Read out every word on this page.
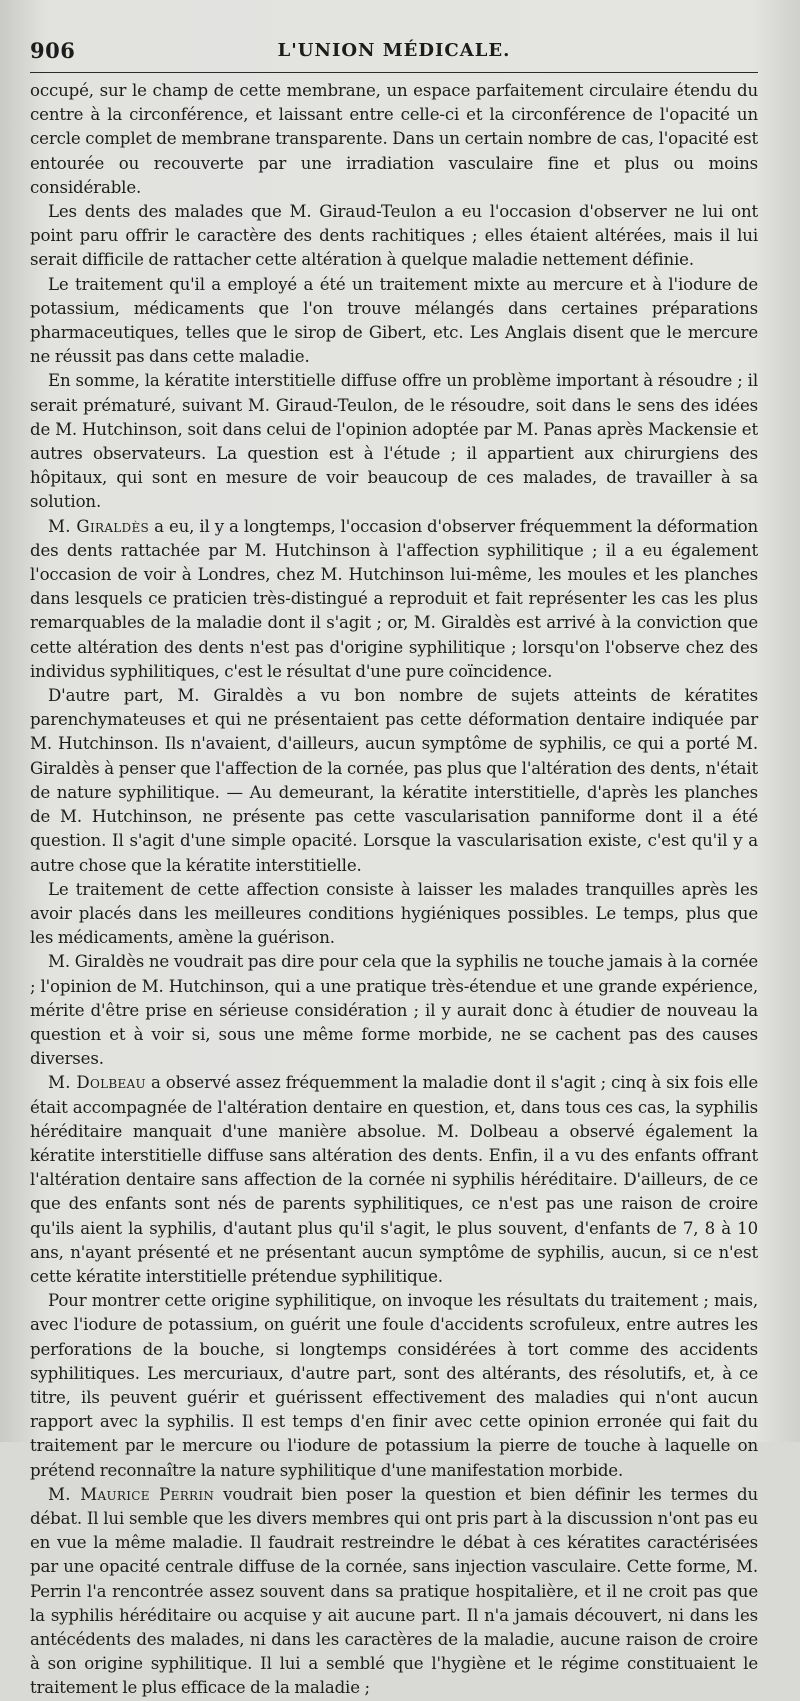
906	L'UNION MÉDICALE.

occupé, sur le champ de cette membrane, un espace parfaitement circulaire étendu du centre à la circonférence, et laissant entre celle-ci et la circonférence de l'opacité un cercle complet de membrane transparente. Dans un certain nombre de cas, l'opacité est entourée ou recouverte par une irradiation vasculaire fine et plus ou moins considérable.

Les dents des malades que M. Giraud-Teulon a eu l'occasion d'observer ne lui ont point paru offrir le caractère des dents rachitiques ; elles étaient altérées, mais il lui serait difficile de rattacher cette altération à quelque maladie nettement définie.

Le traitement qu'il a employé a été un traitement mixte au mercure et à l'iodure de potassium, médicaments que l'on trouve mélangés dans certaines préparations pharmaceutiques, telles que le sirop de Gibert, etc. Les Anglais disent que le mercure ne réussit pas dans cette maladie.

En somme, la kératite interstitielle diffuse offre un problème important à résoudre ; il serait prématuré, suivant M. Giraud-Teulon, de le résoudre, soit dans le sens des idées de M. Hutchinson, soit dans celui de l'opinion adoptée par M. Panas après Mackensie et autres observateurs. La question est à l'étude ; il appartient aux chirurgiens des hôpitaux, qui sont en mesure de voir beaucoup de ces malades, de travailler à sa solution.

M. Giraldès a eu, il y a longtemps, l'occasion d'observer fréquemment la déformation des dents rattachée par M. Hutchinson à l'affection syphilitique ; il a eu également l'occasion de voir à Londres, chez M. Hutchinson lui-même, les moules et les planches dans lesquels ce praticien très-distingué a reproduit et fait représenter les cas les plus remarquables de la maladie dont il s'agit ; or, M. Giraldès est arrivé à la conviction que cette altération des dents n'est pas d'origine syphilitique ; lorsqu'on l'observe chez des individus syphilitiques, c'est le résultat d'une pure coïncidence.

D'autre part, M. Giraldès a vu bon nombre de sujets atteints de kératites parenchymateuses et qui ne présentaient pas cette déformation dentaire indiquée par M. Hutchinson. Ils n'avaient, d'ailleurs, aucun symptôme de syphilis, ce qui a porté M. Giraldès à penser que l'affection de la cornée, pas plus que l'altération des dents, n'était de nature syphilitique. — Au demeurant, la kératite interstitielle, d'après les planches de M. Hutchinson, ne présente pas cette vascularisation panniforme dont il a été question. Il s'agit d'une simple opacité. Lorsque la vascularisation existe, c'est qu'il y a autre chose que la kératite interstitielle.

Le traitement de cette affection consiste à laisser les malades tranquilles après les avoir placés dans les meilleures conditions hygiéniques possibles. Le temps, plus que les médicaments, amène la guérison.

M. Giraldès ne voudrait pas dire pour cela que la syphilis ne touche jamais à la cornée ; l'opinion de M. Hutchinson, qui a une pratique très-étendue et une grande expérience, mérite d'être prise en sérieuse considération ; il y aurait donc à étudier de nouveau la question et à voir si, sous une même forme morbide, ne se cachent pas des causes diverses.

M. Dolbeau a observé assez fréquemment la maladie dont il s'agit ; cinq à six fois elle était accompagnée de l'altération dentaire en question, et, dans tous ces cas, la syphilis héréditaire manquait d'une manière absolue. M. Dolbeau a observé également la kératite interstitielle diffuse sans altération des dents. Enfin, il a vu des enfants offrant l'altération dentaire sans affection de la cornée ni syphilis héréditaire. D'ailleurs, de ce que des enfants sont nés de parents syphilitiques, ce n'est pas une raison de croire qu'ils aient la syphilis, d'autant plus qu'il s'agit, le plus souvent, d'enfants de 7, 8 à 10 ans, n'ayant présenté et ne présentant aucun symptôme de syphilis, aucun, si ce n'est cette kératite interstitielle prétendue syphilitique.

Pour montrer cette origine syphilitique, on invoque les résultats du traitement ; mais, avec l'iodure de potassium, on guérit une foule d'accidents scrofuleux, entre autres les perforations de la bouche, si longtemps considérées à tort comme des accidents syphilitiques. Les mercuriaux, d'autre part, sont des altérants, des résolutifs, et, à ce titre, ils peuvent guérir et guérissent effectivement des maladies qui n'ont aucun rapport avec la syphilis. Il est temps d'en finir avec cette opinion erronée qui fait du traitement par le mercure ou l'iodure de potassium la pierre de touche à laquelle on prétend reconnaître la nature syphilitique d'une manifestation morbide.

M. Maurice Perrin voudrait bien poser la question et bien définir les termes du débat. Il lui semble que les divers membres qui ont pris part à la discussion n'ont pas eu en vue la même maladie. Il faudrait restreindre le débat à ces kératites caractérisées par une opacité centrale diffuse de la cornée, sans injection vasculaire. Cette forme, M. Perrin l'a rencontrée assez souvent dans sa pratique hospitalière, et il ne croit pas que la syphilis héréditaire ou acquise y ait aucune part. Il n'a jamais découvert, ni dans les antécédents des malades, ni dans les caractères de la maladie, aucune raison de croire à son origine syphilitique. Il lui a semblé que l'hygiène et le régime constituaient le traitement le plus efficace de la maladie ;
